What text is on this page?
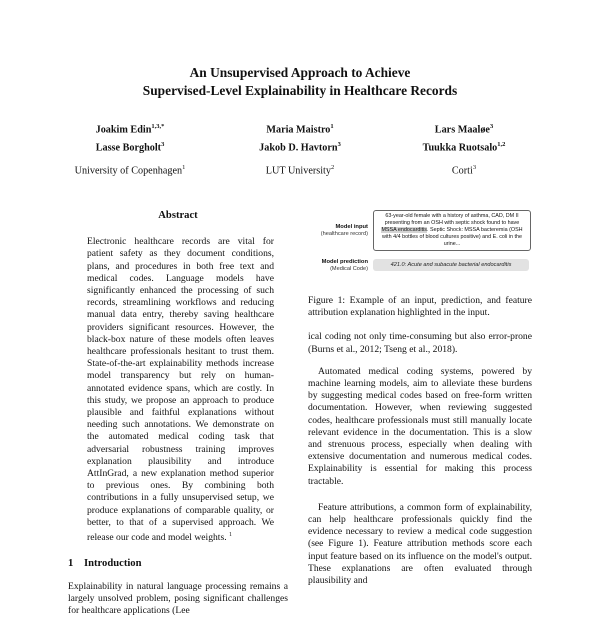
An Unsupervised Approach to Achieve
Supervised-Level Explainability in Healthcare Records
Joakim Edin$^{1,3,*}$
Lasse Borgholt$^3$
University of Copenhagen$^1$
Maria Maistro$^1$
Jakob D. Havtorn$^3$
LUT University$^2$
Lars Maaløe$^3$
Tuukka Ruotsalo$^{1,2}$
Corti$^3$
Abstract
Electronic healthcare records are vital for patient safety as they document conditions, plans, and procedures in both free text and medical codes. Language models have significantly enhanced the processing of such records, streamlining workflows and reducing manual data entry, thereby saving healthcare providers significant resources. However, the black-box nature of these models often leaves healthcare professionals hesitant to trust them. State-of-the-art explainability methods increase model transparency but rely on human-annotated evidence spans, which are costly. In this study, we propose an approach to produce plausible and faithful explanations without needing such annotations. We demonstrate on the automated medical coding task that adversarial robustness training improves explanation plausibility and introduce AttInGrad, a new explanation method superior to previous ones. By combining both contributions in a fully unsupervised setup, we produce explanations of comparable quality, or better, to that of a supervised approach. We release our code and model weights. $^1$
1 Introduction
Explainability in natural language processing remains a largely unsolved problem, posing significant challenges for healthcare applications (Lee
Model input
(healthcare record)
63-year-old female with a history of asthma, CAD, DM II presenting from an OSH with septic shock found to have MSSA endocarditis. Septic Shock: MSSA bacteremia (OSH with 4/4 bottles of blood cultures positive) and E. coli in the urine...
Model prediction
(Medical Code)
421.0: Acute and subacute bacterial endocarditis
Figure 1: Example of an input, prediction, and feature attribution explanation highlighted in the input.

ical coding not only time-consuming but also error-prone (Burns et al., 2012; Tseng et al., 2018).

Automated medical coding systems, powered by machine learning models, aim to alleviate these burdens by suggesting medical codes based on free-form written documentation. However, when reviewing suggested codes, healthcare professionals must still manually locate relevant evidence in the documentation. This is a slow and strenuous process, especially when dealing with extensive documentation and numerous medical codes. Explainability is essential for making this process tractable.

Feature attributions, a common form of explainability, can help healthcare professionals quickly find the evidence necessary to review a medical code suggestion (see Figure 1). Feature attribution methods score each input feature based on its influence on the model's output. These explanations are often evaluated through plausibility and
